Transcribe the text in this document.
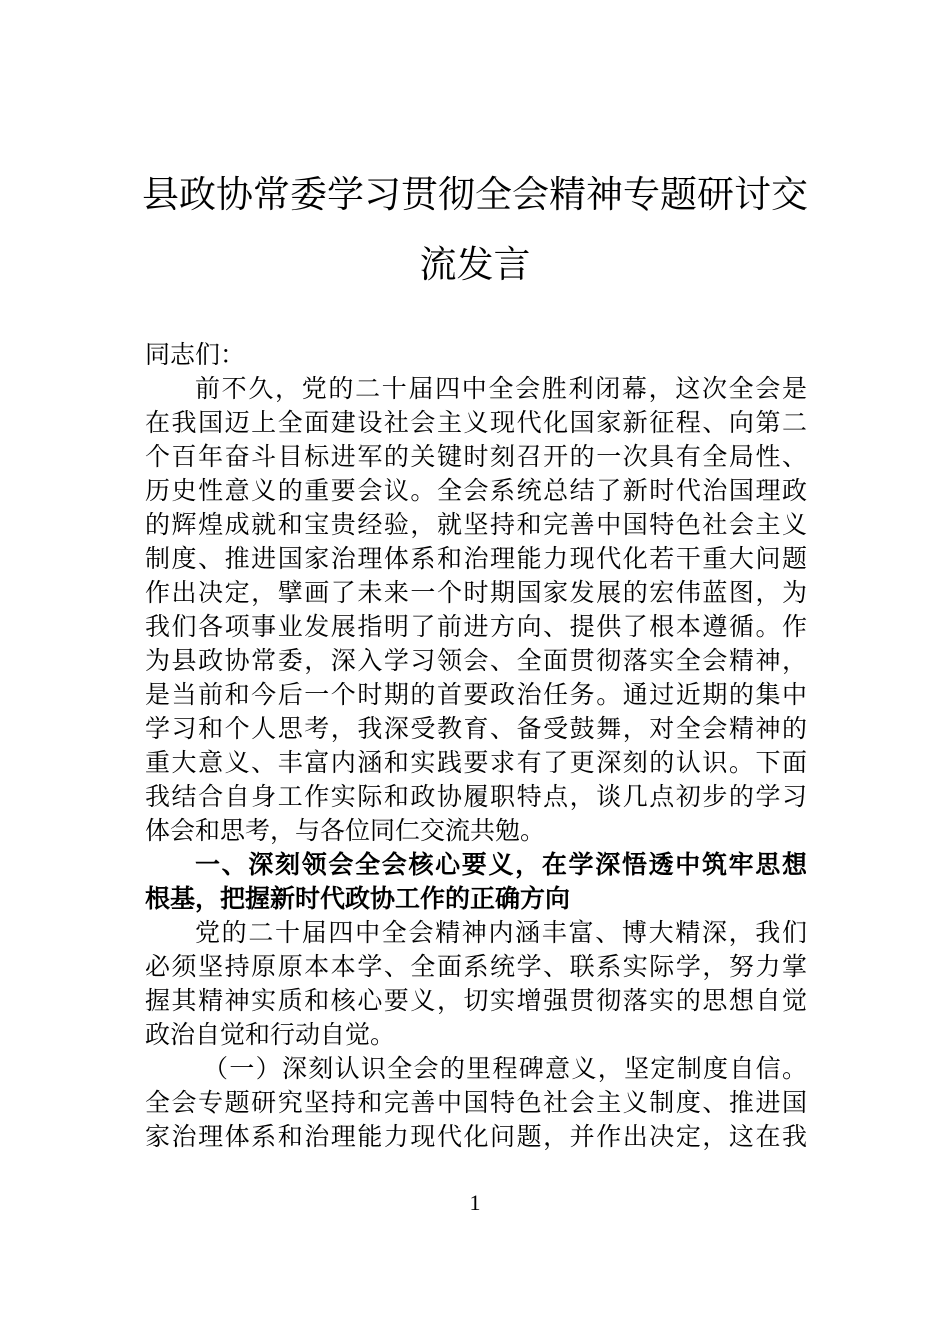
县政协常委学习贯彻全会精神专题研讨交
流发言
同志们：
前不久，党的二十届四中全会胜利闭幕，这次全会是
在我国迈上全面建设社会主义现代化国家新征程、向第二
个百年奋斗目标进军的关键时刻召开的一次具有全局性、
历史性意义的重要会议。全会系统总结了新时代治国理政
的辉煌成就和宝贵经验，就坚持和完善中国特色社会主义
制度、推进国家治理体系和治理能力现代化若干重大问题
作出决定，擘画了未来一个时期国家发展的宏伟蓝图，为
我们各项事业发展指明了前进方向、提供了根本遵循。作
为县政协常委，深入学习领会、全面贯彻落实全会精神，
是当前和今后一个时期的首要政治任务。通过近期的集中
学习和个人思考，我深受教育、备受鼓舞，对全会精神的
重大意义、丰富内涵和实践要求有了更深刻的认识。下面
我结合自身工作实际和政协履职特点，谈几点初步的学习
体会和思考，与各位同仁交流共勉。
一、深刻领会全会核心要义，在学深悟透中筑牢思想
根基，把握新时代政协工作的正确方向
党的二十届四中全会精神内涵丰富、博大精深，我们
必须坚持原原本本学、全面系统学、联系实际学，努力掌
握其精神实质和核心要义，切实增强贯彻落实的思想自觉
政治自觉和行动自觉。
（一）深刻认识全会的里程碑意义，坚定制度自信。
全会专题研究坚持和完善中国特色社会主义制度、推进国
家治理体系和治理能力现代化问题，并作出决定，这在我
1
